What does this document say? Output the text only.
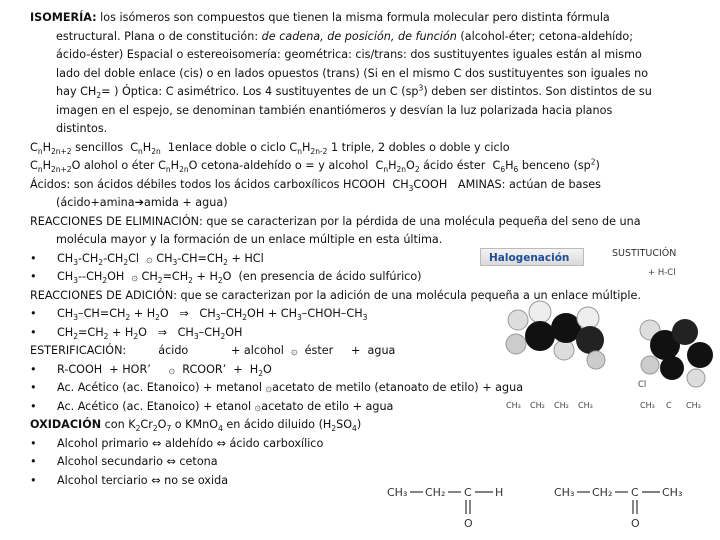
ISOMERÍA: los isómeros son compuestos que tienen la misma formula molecular pero distinta fórmula
estructural. Plana o de constitución: de cadena, de posición, de función (alcohol-éter; cetona-aldehído;
ácido-éster) Espacial o estereoisomería: geométrica: cis/trans: dos sustituyentes iguales están al mismo
lado del doble enlace (cis) o en lados opuestos (trans) (Si en el mismo C dos sustituyentes son iguales no
hay $CH_2=$ ) Óptica: C asimétrico. Los 4 sustituyentes de un C $(sp^3)$ deben ser distintos. Son distintos de su
imagen en el espejo, se denominan también enantiómeros y desvían la luz polarizada hacia planos
distintos.
$C_nH_{2n+2}$ sencillos  $C_nH_{2n}$  1enlace doble o ciclo $C_nH_{2n-2}$ 1 triple, 2 dobles o doble y ciclo
$C_nH_{2n+2}O$ alohol o éter $C_nH_{2n}O$ cetona-aldehído o = y alcohol  $C_nH_{2n}O_2$ ácido éster  $C_6H_6$ benceno $(sp^2)$
Ácidos: son ácidos débiles todos los ácidos carboxílicos HCOOH  $CH_3COOH$   AMINAS: actúan de bases
(ácido+amina➔amida + agua)
REACCIONES DE ELIMINACIÓN: que se caracterizan por la pérdida de una molécula pequeña del seno de una
molécula mayor y la formación de un enlace múltiple en esta última.
•	$CH_3-CH_2-CH_2Cl$  ۞ $CH_3-CH=CH_2$ + HCl
•	$CH_3--CH_2OH$  ۞ $CH_2=CH_2 + H_2O$  (en presencia de ácido sulfúrico)
REACCIONES DE ADICIÓN: que se caracterizan por la adición de una molécula pequeña a un enlace múltiple.
•	$CH_3-CH=CH_2 + H_2O$   ⇒   $CH_3-CH_2OH$ + $CH_3-CHOH-CH_3$
•	$CH_2=CH_2 + H_2O$   ⇒   $CH_3-CH_2OH$
ESTERIFICACIÓN:         ácido            + alcohol  ۞  éster     +  agua
•	R-COOH  + HOR’     ۞  RCOOR’  +  $H_2O$
•	Ac. Acético (ac. Etanoico) + metanol ۞acetato de metilo (etanoato de etilo) + agua
•	Ac. Acético (ac. Etanoico) + etanol ۞acetato de etilo + agua
OXIDACIÓN con $K_2Cr_2O_7$ o KMnO$_4$ en ácido diluido $(H_2SO_4)$
•	Alcohol primario ⇔ aldehído ⇔ ácido carboxílico
•	Alcohol secundario ⇔ cetona
•	Alcohol terciario ⇔ no se oxida
Halogenación	SUSTITUCIÓN
+ H-Cl
Cl
CH₃ CH₂ CH₂ CH₃	CH₃ C CH₃
CH₃ CH₂ C H
O
CH₃ CH₂ C CH₃
O
